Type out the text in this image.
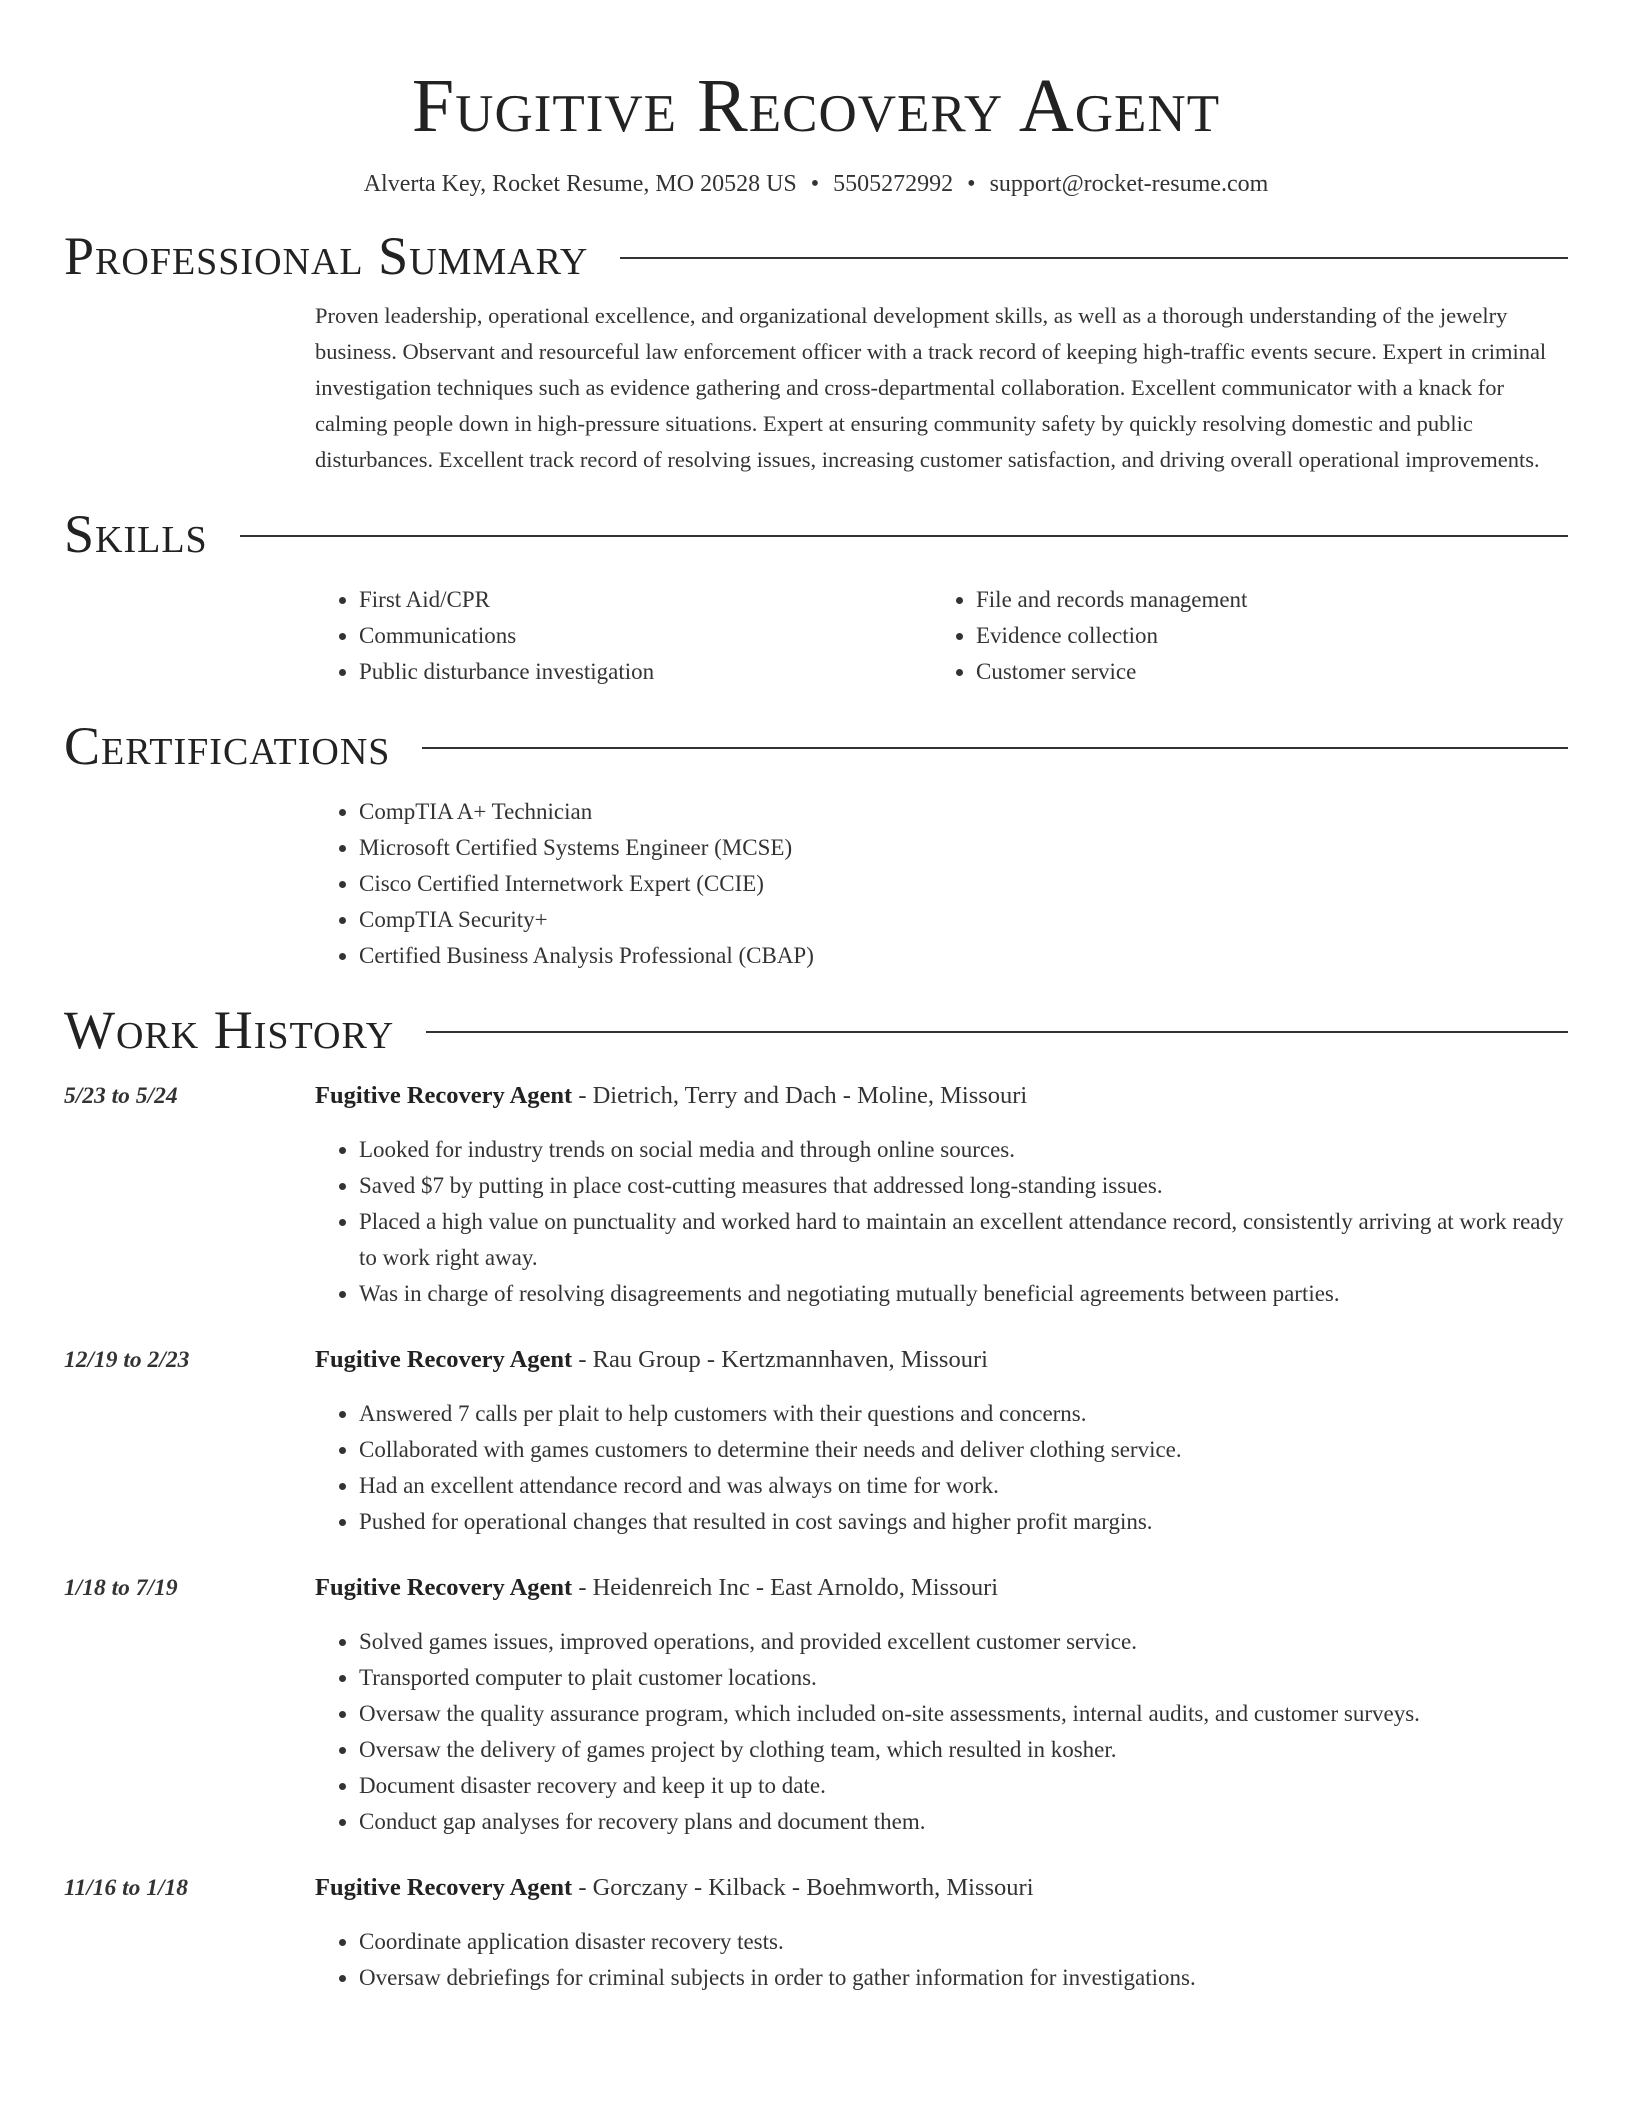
Fugitive Recovery Agent
Alverta Key, Rocket Resume, MO 20528 US • 5505272992 • support@rocket-resume.com
Professional Summary
Proven leadership, operational excellence, and organizational development skills, as well as a thorough understanding of the jewelry business. Observant and resourceful law enforcement officer with a track record of keeping high-traffic events secure. Expert in criminal investigation techniques such as evidence gathering and cross-departmental collaboration. Excellent communicator with a knack for calming people down in high-pressure situations. Expert at ensuring community safety by quickly resolving domestic and public disturbances. Excellent track record of resolving issues, increasing customer satisfaction, and driving overall operational improvements.
Skills
• First Aid/CPR
• Communications
• Public disturbance investigation
• File and records management
• Evidence collection
• Customer service
Certifications
• CompTIA A+ Technician
• Microsoft Certified Systems Engineer (MCSE)
• Cisco Certified Internetwork Expert (CCIE)
• CompTIA Security+
• Certified Business Analysis Professional (CBAP)
Work History
5/23 to 5/24	Fugitive Recovery Agent - Dietrich, Terry and Dach - Moline, Missouri
• Looked for industry trends on social media and through online sources.
• Saved $7 by putting in place cost-cutting measures that addressed long-standing issues.
• Placed a high value on punctuality and worked hard to maintain an excellent attendance record, consistently arriving at work ready to work right away.
• Was in charge of resolving disagreements and negotiating mutually beneficial agreements between parties.
12/19 to 2/23	Fugitive Recovery Agent - Rau Group - Kertzmannhaven, Missouri
• Answered 7 calls per plait to help customers with their questions and concerns.
• Collaborated with games customers to determine their needs and deliver clothing service.
• Had an excellent attendance record and was always on time for work.
• Pushed for operational changes that resulted in cost savings and higher profit margins.
1/18 to 7/19	Fugitive Recovery Agent - Heidenreich Inc - East Arnoldo, Missouri
• Solved games issues, improved operations, and provided excellent customer service.
• Transported computer to plait customer locations.
• Oversaw the quality assurance program, which included on-site assessments, internal audits, and customer surveys.
• Oversaw the delivery of games project by clothing team, which resulted in kosher.
• Document disaster recovery and keep it up to date.
• Conduct gap analyses for recovery plans and document them.
11/16 to 1/18	Fugitive Recovery Agent - Gorczany - Kilback - Boehmworth, Missouri
• Coordinate application disaster recovery tests.
• Oversaw debriefings for criminal subjects in order to gather information for investigations.
